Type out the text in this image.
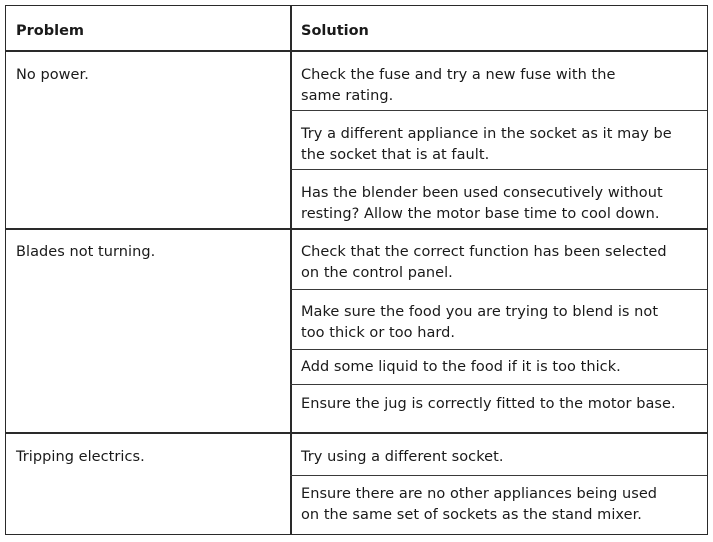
Problem	Solution
No power.	Check the fuse and try a new fuse with the
same rating.
Try a different appliance in the socket as it may be
the socket that is at fault.
Has the blender been used consecutively without
resting? Allow the motor base time to cool down.
Blades not turning.	Check that the correct function has been selected
on the control panel.
Make sure the food you are trying to blend is not
too thick or too hard.
Add some liquid to the food if it is too thick.
Ensure the jug is correctly fitted to the motor base.
Tripping electrics.	Try using a different socket.
Ensure there are no other appliances being used
on the same set of sockets as the stand mixer.
